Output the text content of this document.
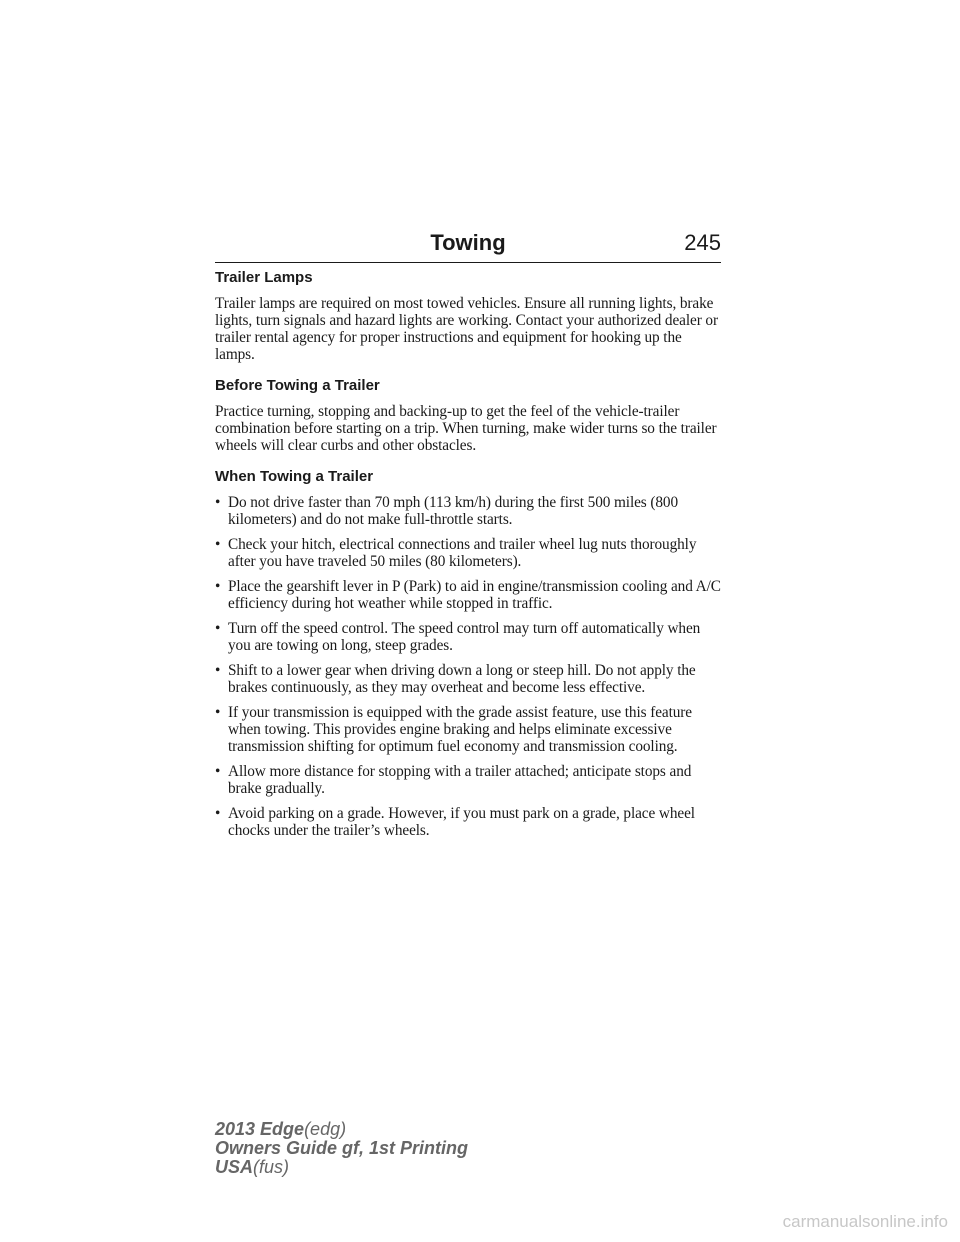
Towing	245
Trailer Lamps

Trailer lamps are required on most towed vehicles. Ensure all running lights, brake lights, turn signals and hazard lights are working. Contact your authorized dealer or trailer rental agency for proper instructions and equipment for hooking up the lamps.

Before Towing a Trailer

Practice turning, stopping and backing-up to get the feel of the vehicle-trailer combination before starting on a trip. When turning, make wider turns so the trailer wheels will clear curbs and other obstacles.

When Towing a Trailer
• Do not drive faster than 70 mph (113 km/h) during the first 500 miles (800 kilometers) and do not make full-throttle starts.
• Check your hitch, electrical connections and trailer wheel lug nuts thoroughly after you have traveled 50 miles (80 kilometers).
• Place the gearshift lever in P (Park) to aid in engine/transmission cooling and A/C efficiency during hot weather while stopped in traffic.
• Turn off the speed control. The speed control may turn off automatically when you are towing on long, steep grades.
• Shift to a lower gear when driving down a long or steep hill. Do not apply the brakes continuously, as they may overheat and become less effective.
• If your transmission is equipped with the grade assist feature, use this feature when towing. This provides engine braking and helps eliminate excessive transmission shifting for optimum fuel economy and transmission cooling.
• Allow more distance for stopping with a trailer attached; anticipate stops and brake gradually.
• Avoid parking on a grade. However, if you must park on a grade, place wheel chocks under the trailer’s wheels.
2013 Edge(edg)
Owners Guide gf, 1st Printing
USA(fus)
carmanualsonline.info
